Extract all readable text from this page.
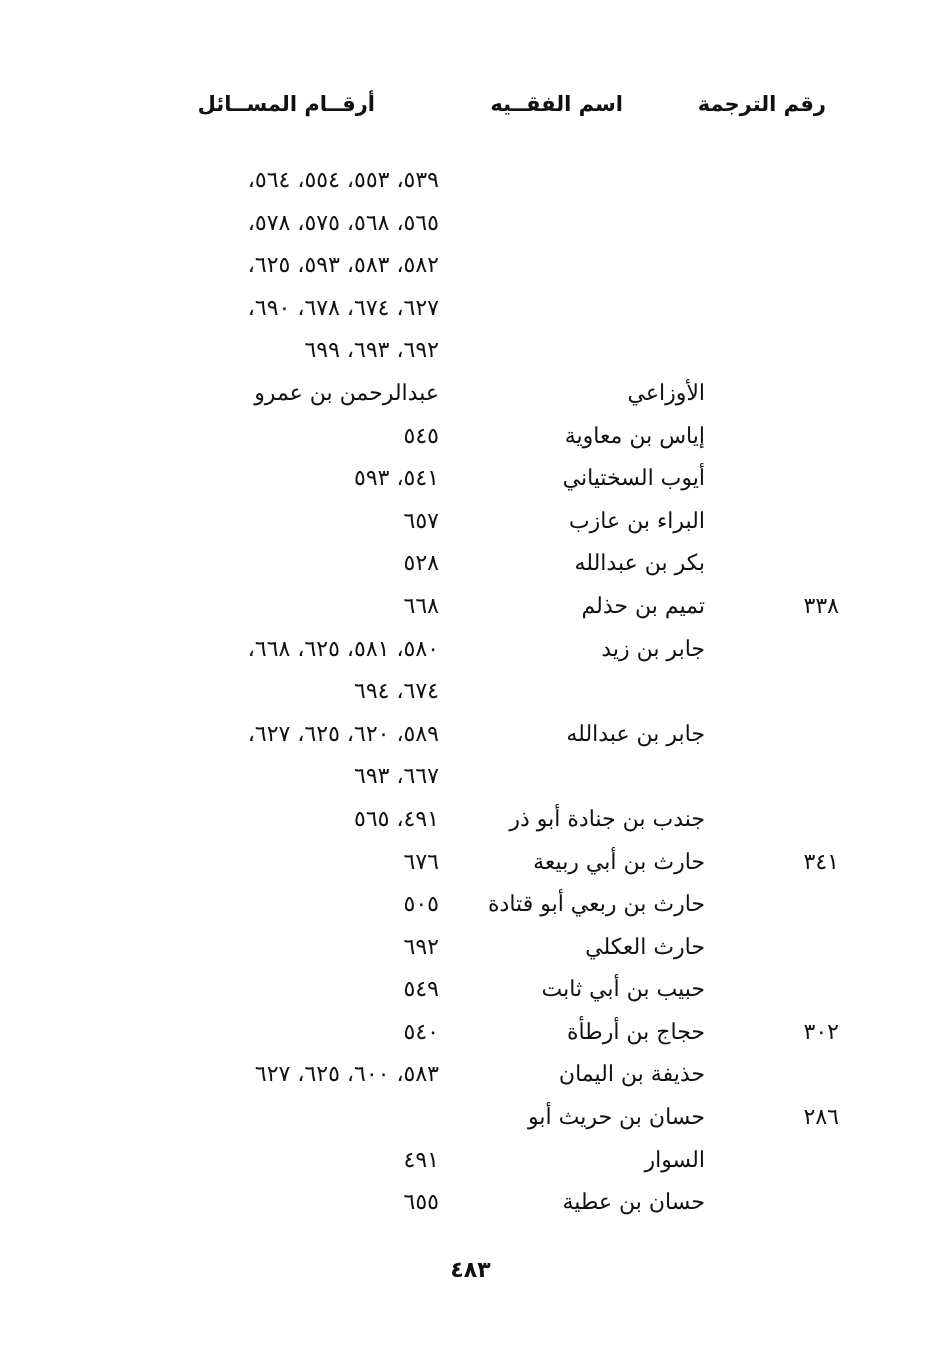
رقم الترجمة
اسم الفقــيه
أرقــام المســائل
٥٣٩، ٥٥٣، ٥٥٤، ٥٦٤،
٥٦٥، ٥٦٨، ٥٧٥، ٥٧٨،
٥٨٢، ٥٨٣، ٥٩٣، ٦٢٥،
٦٢٧، ٦٧٤، ٦٧٨، ٦٩٠،
٦٩٢، ٦٩٣، ٦٩٩
الأوزاعي
عبدالرحمن بن عمرو
إياس بن معاوية
٥٤٥
أيوب السختياني
٥٤١، ٥٩٣
البراء بن عازب
٦٥٧
بكر بن عبدالله
٥٢٨
٣٣٨
تميم بن حذلم
٦٦٨
جابر بن زيد
٥٨٠، ٥٨١، ٦٢٥، ٦٦٨،
٦٧٤، ٦٩٤
جابر بن عبدالله
٥٨٩، ٦٢٠، ٦٢٥، ٦٢٧،
٦٦٧، ٦٩٣
جندب بن جنادة أبو ذر
٤٩١، ٥٦٥
٣٤١
حارث بن أبي ربيعة
٦٧٦
حارث بن ربعي أبو قتادة
٥٠٥
حارث العكلي
٦٩٢
حبيب بن أبي ثابت
٥٤٩
٣٠٢
حجاج بن أرطأة
٥٤٠
حذيفة بن اليمان
٥٨٣، ٦٠٠، ٦٢٥، ٦٢٧
٢٨٦
حسان بن حريث أبو
السوار
٤٩١
حسان بن عطية
٦٥٥
٤٨٣
